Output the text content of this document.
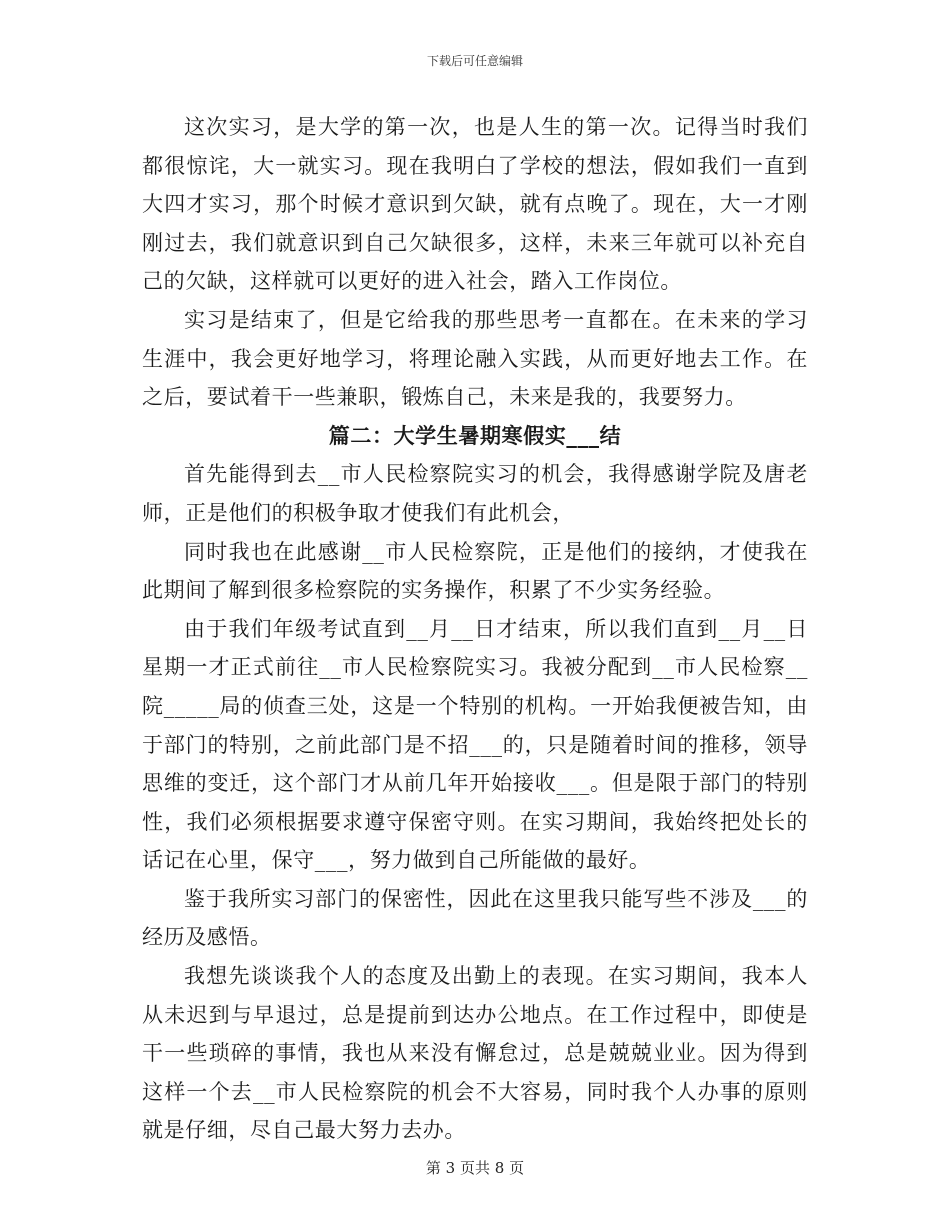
下载后可任意编辑

这次实习，是大学的第一次，也是人生的第一次。记得当时我们都很惊诧，大一就实习。现在我明白了学校的想法，假如我们一直到大四才实习，那个时候才意识到欠缺，就有点晚了。现在，大一才刚刚过去，我们就意识到自己欠缺很多，这样，未来三年就可以补充自己的欠缺，这样就可以更好的进入社会，踏入工作岗位。

实习是结束了，但是它给我的那些思考一直都在。在未来的学习生涯中，我会更好地学习，将理论融入实践，从而更好地去工作。在之后，要试着干一些兼职，锻炼自己，未来是我的，我要努力。

篇二：大学生暑期寒假实___结

首先能得到去__市人民检察院实习的机会，我得感谢学院及唐老师，正是他们的积极争取才使我们有此机会，

同时我也在此感谢__市人民检察院，正是他们的接纳，才使我在此期间了解到很多检察院的实务操作，积累了不少实务经验。

由于我们年级考试直到__月__日才结束，所以我们直到__月__日星期一才正式前往__市人民检察院实习。我被分配到__市人民检察__院_____局的侦查三处，这是一个特别的机构。一开始我便被告知，由于部门的特别，之前此部门是不招___的，只是随着时间的推移，领导思维的变迁，这个部门才从前几年开始接收___。但是限于部门的特别性，我们必须根据要求遵守保密守则。在实习期间，我始终把处长的话记在心里，保守___，努力做到自己所能做的最好。

鉴于我所实习部门的保密性，因此在这里我只能写些不涉及___的经历及感悟。

我想先谈谈我个人的态度及出勤上的表现。在实习期间，我本人从未迟到与早退过，总是提前到达办公地点。在工作过程中，即使是干一些琐碎的事情，我也从来没有懈怠过，总是兢兢业业。因为得到这样一个去__市人民检察院的机会不大容易，同时我个人办事的原则就是仔细，尽自己最大努力去办。

第 3 页共 8 页
